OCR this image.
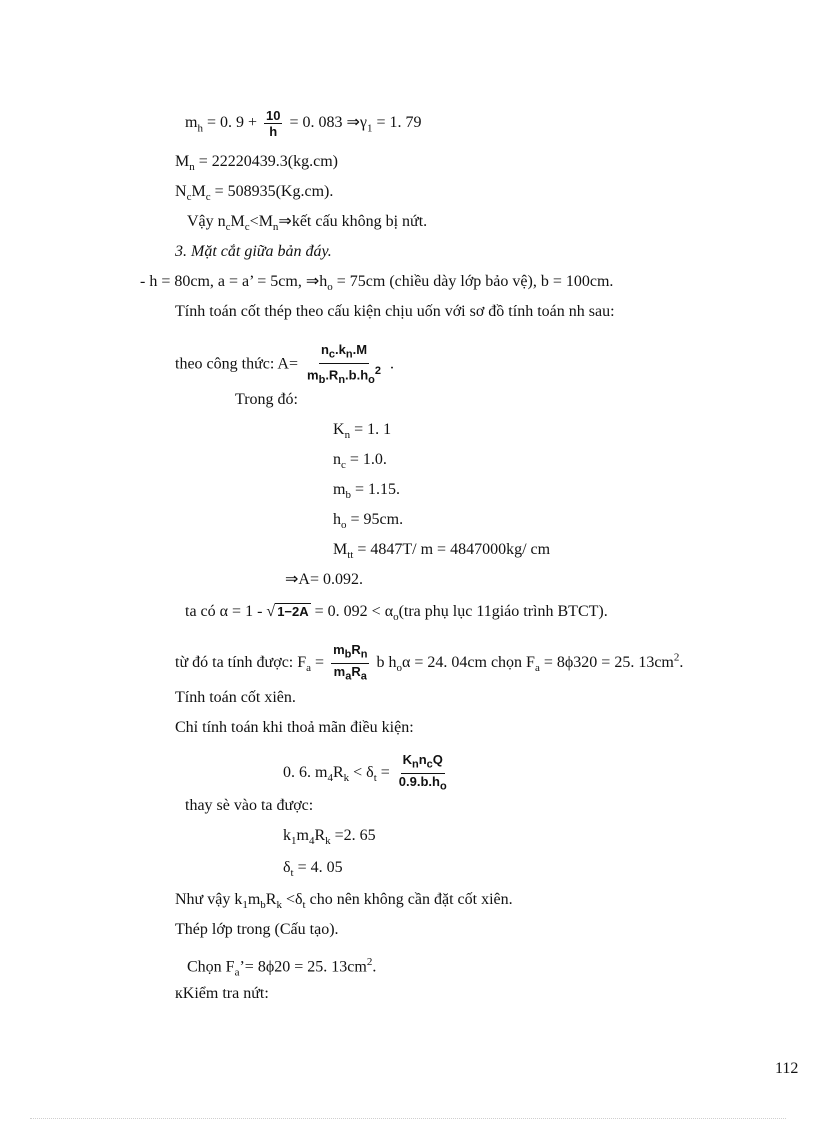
$m_h = 0$. $9 + \frac{10}{h} = 0$. 083 $\Rightarrow\gamma_1 = 1$. 79
$M_n = 22220439.3(kg.cm)$
$N_cM_c = 508935(Kg.cm)$.
Vậy $n_cM_c<M_n\Rightarrow kết$ cấu không bị nứt.
3. Mặt cắt giữa bản đáy.
- h = 80cm, a = a’ = 5cm, $\Rightarrow h_o = 75cm$ (chiều dày lớp bảo vệ), b = 100cm.
Tính toán cốt thép theo cấu kiện chịu uốn với sơ đồ tính toán nh sau:
theo công thức: $A= \frac{n_c.k_n.M}{m_b.R_n.b.h_o^2}$ .
Trong đó:
$K_n = 1$. 1
$n_c = 1.0$.
$m_b = 1.15$.
$h_o = 95cm$.
$M_{tt} = 4847T/$ m = 4847000kg/ cm
⇒A= 0.092.
ta có α = 1 - √ 1−2A = 0. $092 < \alpha_o(tra$ phụ lục 11giáo trình BTCT).
từ đó ta tính được: $F_a = \frac{m_bR_n}{m_aR_a}$ b $h_o\alpha = 24$. 04cm chọn $F_a = 8\phi 320 = 25$. $13cm^2$.
Tính toán cốt xiên.
Chỉ tính toán khi thoả mãn điều kiện:
0. 6. $m_4R_k < \delta_t = \frac{K_nn_cQ}{0.9.b.h_o}$
thay sè vào ta được:
$k_1m_4R_k =2$. 65
$\delta_t = 4$. 05
Như vậy $k_1m_bR_k <\delta_t$ cho nên không cần đặt cốt xiên.
Thép lớp trong (Cấu tạo).
Chọn $F_a’= 8\phi 20 = 25$. $13cm^2$.
кKiểm tra nứt:
112
